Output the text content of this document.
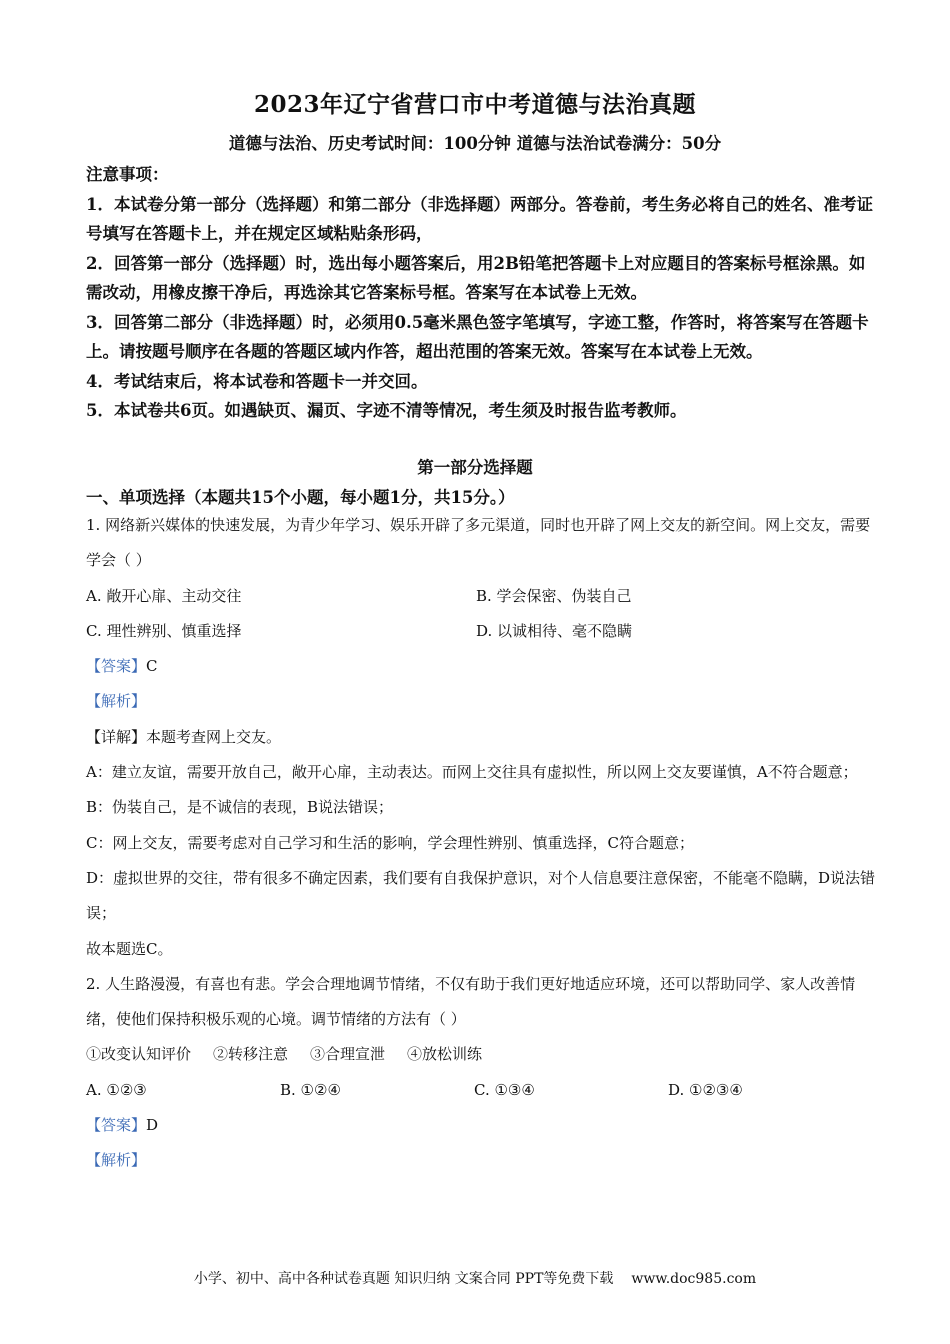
2023年辽宁省营口市中考道德与法治真题
道德与法治、历史考试时间：100分钟 道德与法治试卷满分：50分

注意事项：

1．本试卷分第一部分（选择题）和第二部分（非选择题）两部分。答卷前，考生务必将自己的姓名、准考证号填写在答题卡上，并在规定区域粘贴条形码，

2．回答第一部分（选择题）时，选出每小题答案后，用2B铅笔把答题卡上对应题目的答案标号框涂黑。如需改动，用橡皮擦干净后，再选涂其它答案标号框。答案写在本试卷上无效。

3．回答第二部分（非选择题）时，必须用0.5毫米黑色签字笔填写，字迹工整，作答时，将答案写在答题卡上。请按题号顺序在各题的答题区域内作答，超出范围的答案无效。答案写在本试卷上无效。

4．考试结束后，将本试卷和答题卡一并交回。

5．本试卷共6页。如遇缺页、漏页、字迹不清等情况，考生须及时报告监考教师。

第一部分选择题
一、单项选择（本题共15个小题，每小题1分，共15分。）

1. 网络新兴媒体的快速发展，为青少年学习、娱乐开辟了多元渠道，同时也开辟了网上交友的新空间。网上交友，需要学会（ ）

A. 敞开心扉、主动交往	B. 学会保密、伪装自己
C. 理性辨别、慎重选择	D. 以诚相待、毫不隐瞒

【答案】C

【解析】

【详解】本题考查网上交友。

A：建立友谊，需要开放自己，敞开心扉，主动表达。而网上交往具有虚拟性，所以网上交友要谨慎，A不符合题意；

B：伪装自己，是不诚信的表现，B说法错误；

C：网上交友，需要考虑对自己学习和生活的影响，学会理性辨别、慎重选择，C符合题意；

D：虚拟世界的交往，带有很多不确定因素，我们要有自我保护意识，对个人信息要注意保密，不能毫不隐瞒，D说法错误；

故本题选C。

2. 人生路漫漫，有喜也有悲。学会合理地调节情绪，不仅有助于我们更好地适应环境，还可以帮助同学、家人改善情绪，使他们保持积极乐观的心境。调节情绪的方法有（ ）

①改变认知评价 ②转移注意 ③合理宣泄 ④放松训练

A. ①②③	B. ①②④	C. ①③④	D. ①②③④

【答案】D

【解析】

小学、初中、高中各种试卷真题 知识归纳 文案合同 PPT等免费下载 www.doc985.com
